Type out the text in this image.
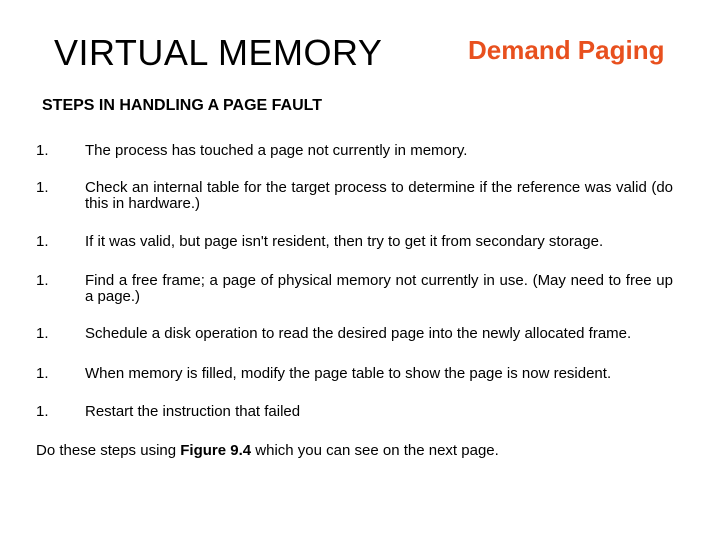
VIRTUAL MEMORY	Demand Paging
STEPS IN HANDLING A PAGE FAULT
1.	The process has touched a page not currently in memory.
1.	Check an internal table for the target process to determine if the reference was valid (do this in hardware.)
1.	If it was valid, but page isn't resident, then try to get it from secondary storage.
1.	Find a free frame; a page of physical memory not currently in use. (May need to free up a page.)
1.	Schedule a disk operation to read the desired page into the newly allocated frame.
1.	When memory is filled, modify the page table to show the page is now resident.
1.	Restart the instruction that failed

Do these steps using Figure 9.4 which you can see on the next page.
